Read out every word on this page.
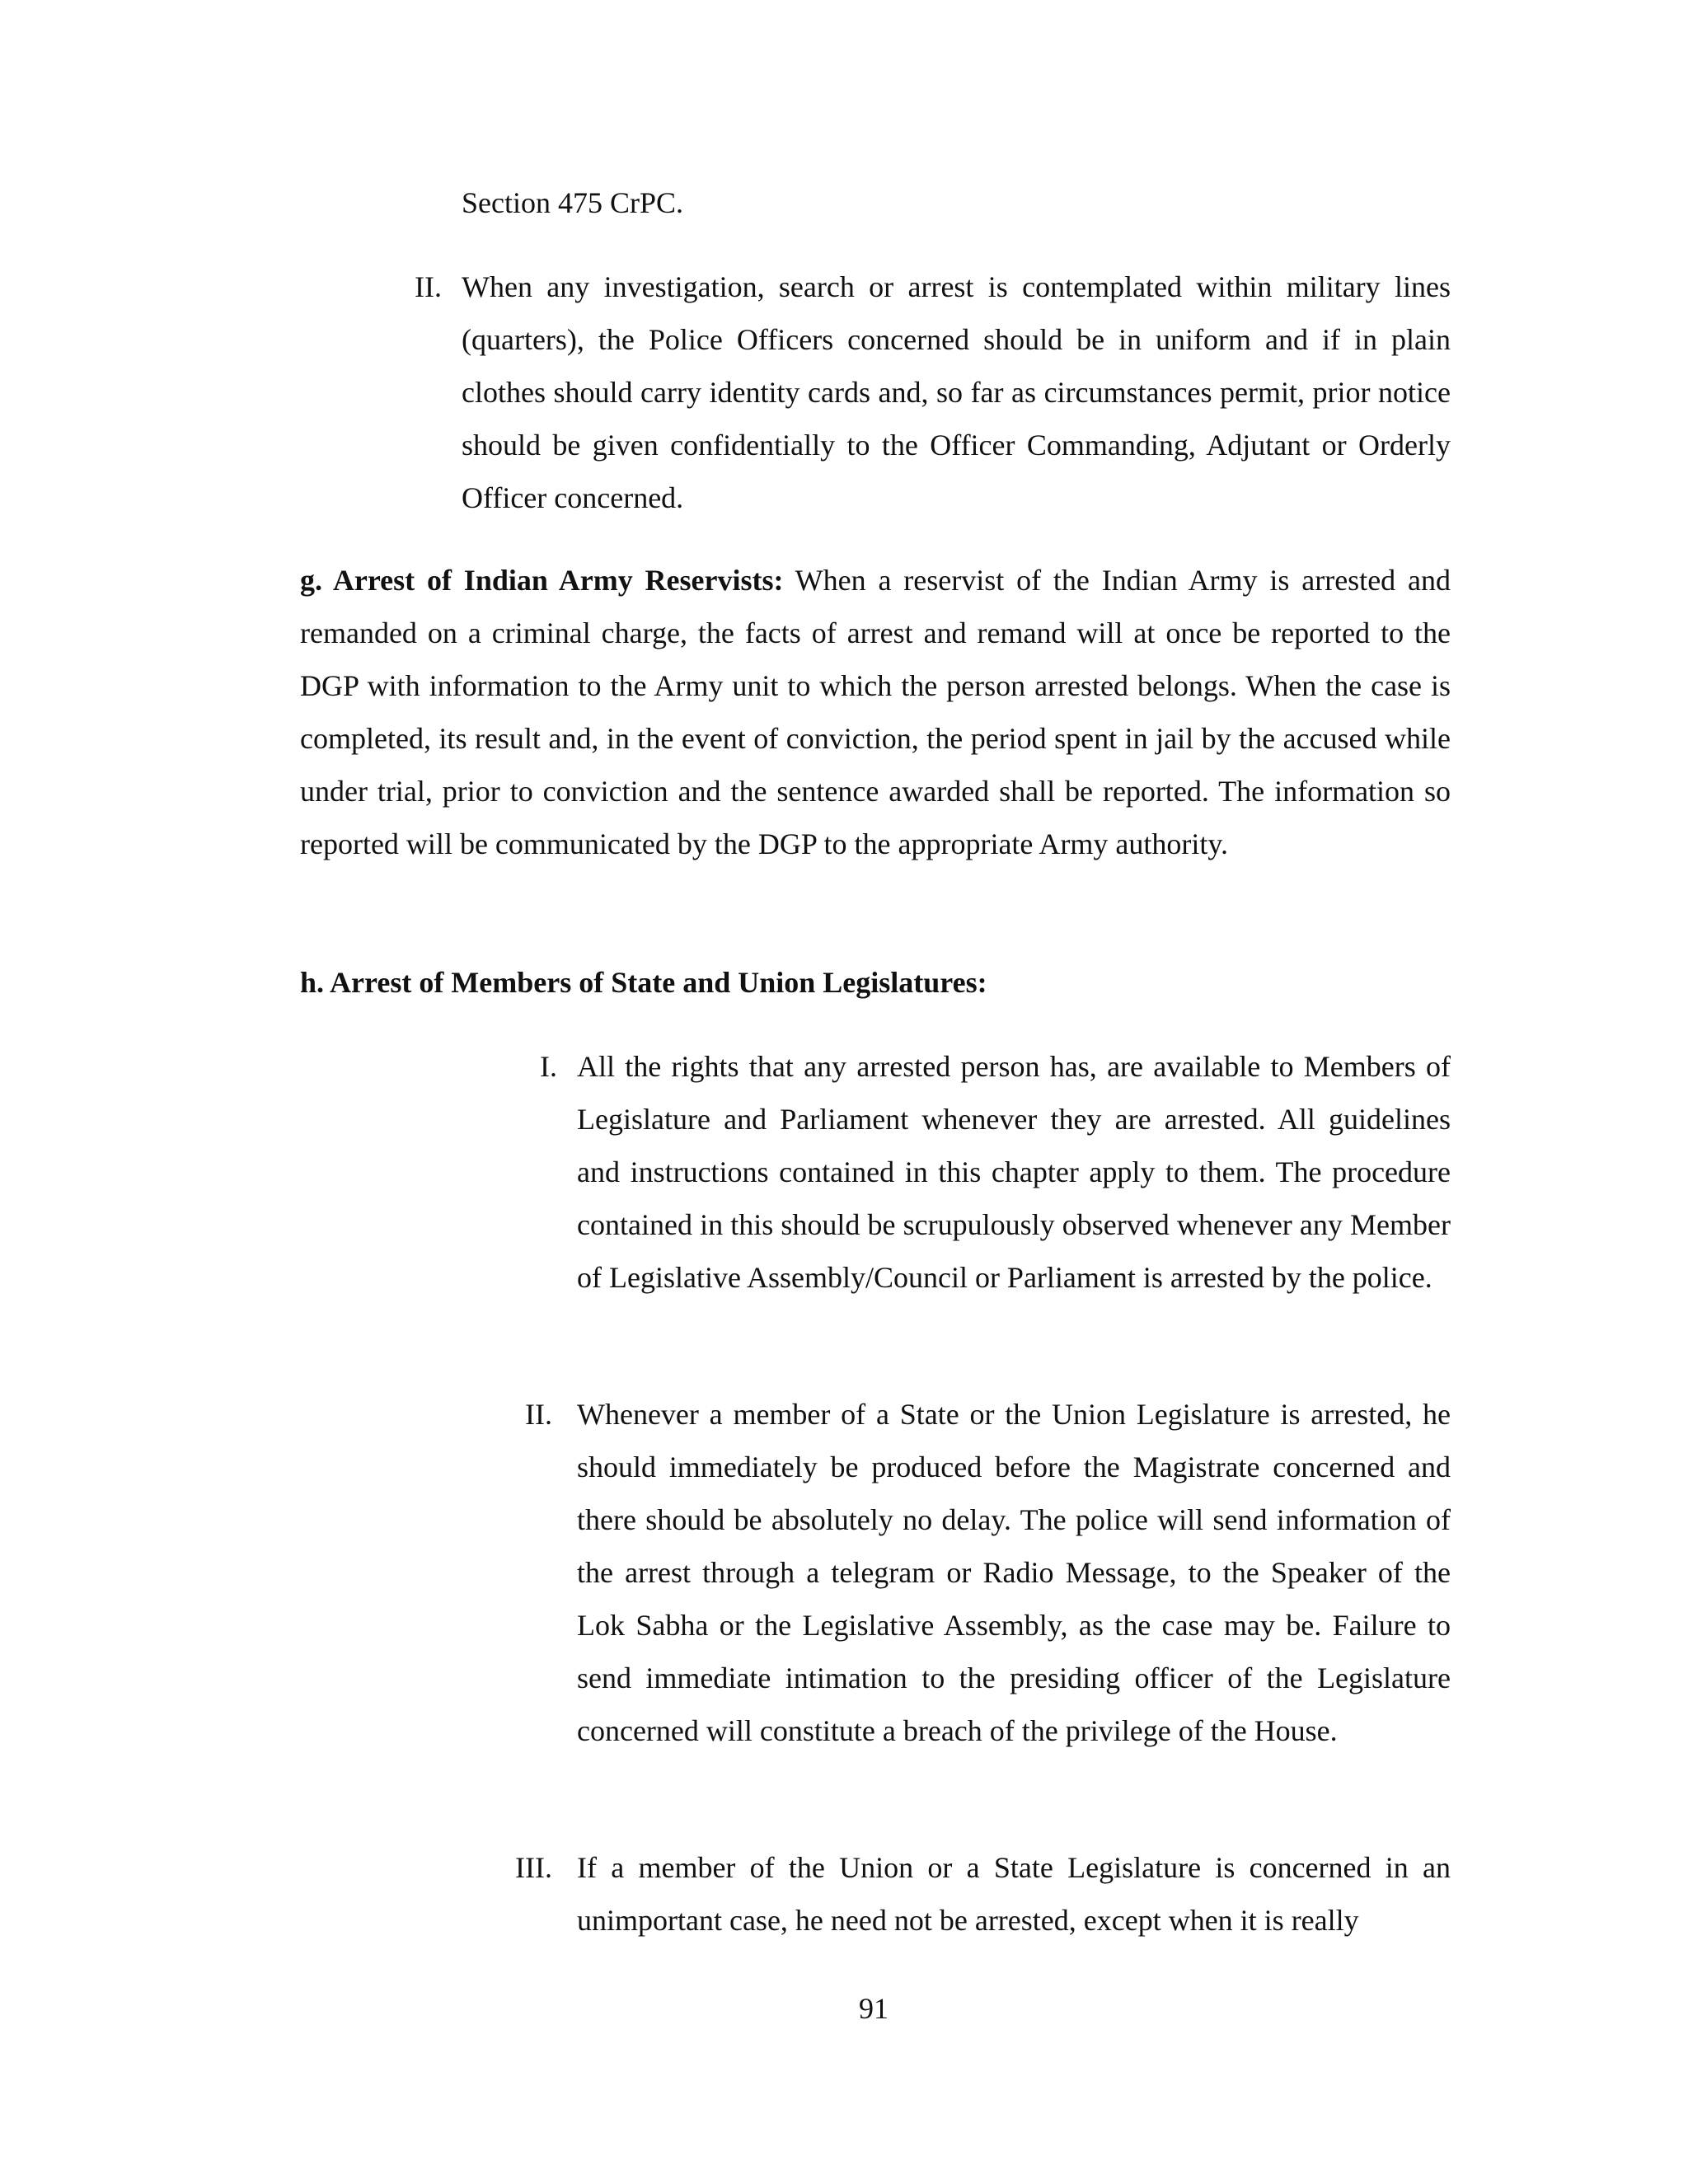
Section 475 CrPC.
II. When any investigation, search or arrest is contemplated within military lines (quarters), the Police Officers concerned should be in uniform and if in plain clothes should carry identity cards and, so far as circumstances permit, prior notice should be given confidentially to the Officer Commanding, Adjutant or Orderly Officer concerned.
g. Arrest of Indian Army Reservists: When a reservist of the Indian Army is arrested and remanded on a criminal charge, the facts of arrest and remand will at once be reported to the DGP with information to the Army unit to which the person arrested belongs. When the case is completed, its result and, in the event of conviction, the period spent in jail by the accused while under trial, prior to conviction and the sentence awarded shall be reported. The information so reported will be communicated by the DGP to the appropriate Army authority.
h. Arrest of Members of State and Union Legislatures:
I. All the rights that any arrested person has, are available to Members of Legislature and Parliament whenever they are arrested. All guidelines and instructions contained in this chapter apply to them. The procedure contained in this should be scrupulously observed whenever any Member of Legislative Assembly/Council or Parliament is arrested by the police.
II. Whenever a member of a State or the Union Legislature is arrested, he should immediately be produced before the Magistrate concerned and there should be absolutely no delay. The police will send information of the arrest through a telegram or Radio Message, to the Speaker of the Lok Sabha or the Legislative Assembly, as the case may be. Failure to send immediate intimation to the presiding officer of the Legislature concerned will constitute a breach of the privilege of the House.
III. If a member of the Union or a State Legislature is concerned in an unimportant case, he need not be arrested, except when it is really
91
